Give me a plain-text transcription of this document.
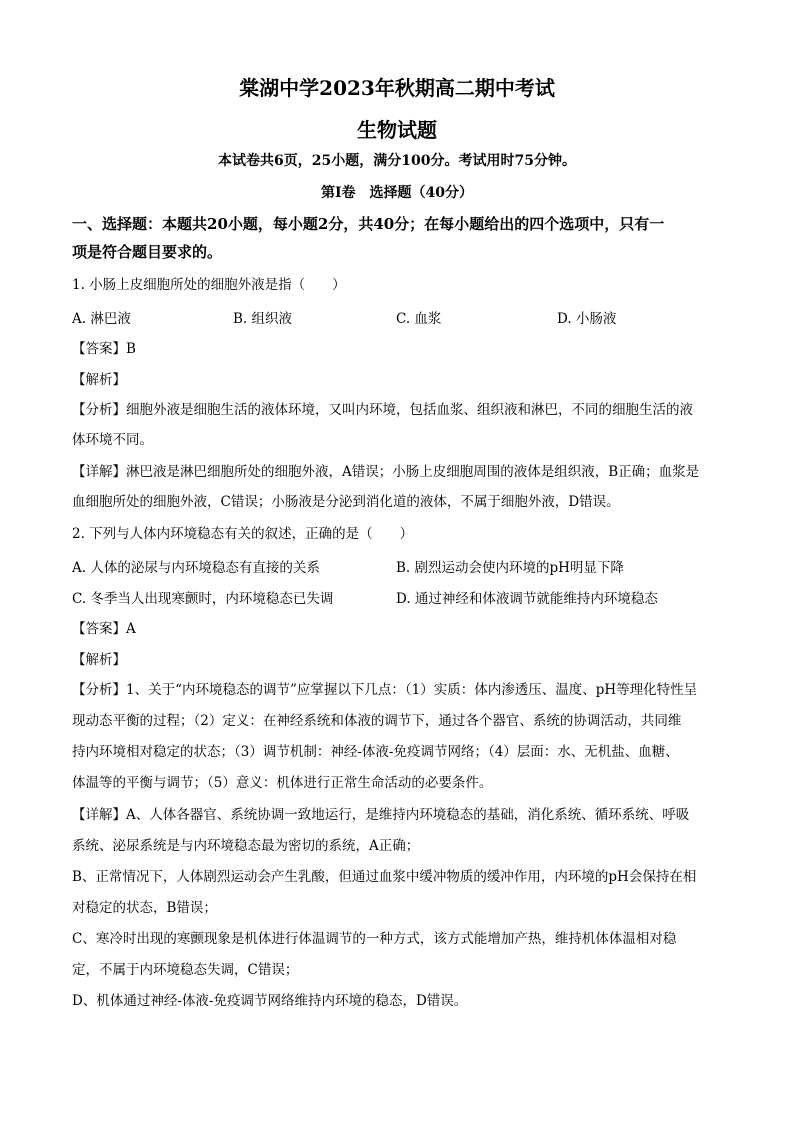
棠湖中学2023年秋期高二期中考试
生物试题
本试卷共6页，25小题，满分100分。考试用时75分钟。
第I卷　选择题（40分）
一、选择题：本题共20小题，每小题2分，共40分；在每小题给出的四个选项中，只有一
项是符合题目要求的。
1. 小肠上皮细胞所处的细胞外液是指（　　）
A. 淋巴液	B. 组织液	C. 血浆	D. 小肠液
【答案】B
【解析】
【分析】细胞外液是细胞生活的液体环境，又叫内环境，包括血浆、组织液和淋巴，不同的细胞生活的液
体环境不同。
【详解】淋巴液是淋巴细胞所处的细胞外液，A错误；小肠上皮细胞周围的液体是组织液，B正确；血浆是
血细胞所处的细胞外液，C错误；小肠液是分泌到消化道的液体，不属于细胞外液，D错误。
2. 下列与人体内环境稳态有关的叙述，正确的是（　　）
A. 人体的泌尿与内环境稳态有直接的关系	B. 剧烈运动会使内环境的pH明显下降
C. 冬季当人出现寒颤时，内环境稳态已失调	D. 通过神经和体液调节就能维持内环境稳态
【答案】A
【解析】
【分析】1、关于“内环境稳态的调节”应掌握以下几点：（1）实质：体内渗透压、温度、pH等理化特性呈
现动态平衡的过程；（2）定义：在神经系统和体液的调节下，通过各个器官、系统的协调活动，共同维
持内环境相对稳定的状态；（3）调节机制：神经-体液-免疫调节网络；（4）层面：水、无机盐、血糖、
体温等的平衡与调节；（5）意义：机体进行正常生命活动的必要条件。
【详解】A、人体各器官、系统协调一致地运行，是维持内环境稳态的基础，消化系统、循环系统、呼吸
系统、泌尿系统是与内环境稳态最为密切的系统，A正确；
B、正常情况下，人体剧烈运动会产生乳酸，但通过血浆中缓冲物质的缓冲作用，内环境的pH会保持在相
对稳定的状态，B错误；
C、寒冷时出现的寒颤现象是机体进行体温调节的一种方式，该方式能增加产热，维持机体体温相对稳
定，不属于内环境稳态失调，C错误；
D、机体通过神经-体液-免疫调节网络维持内环境的稳态，D错误。
